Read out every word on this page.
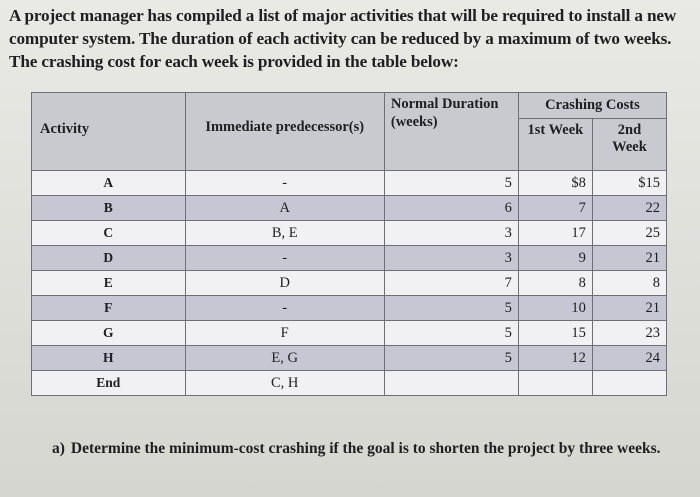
A project manager has compiled a list of major activities that will be required to install a new computer system. The duration of each activity can be reduced by a maximum of two weeks. The crashing cost for each week is provided in the table below:
Activity	Immediate predecessor(s)	Normal Duration (weeks)	Crashing Costs	
			1st Week	2nd Week
A	-	5	$8	$15
B	A	6	7	22
C	B, E	3	17	25
D	-	3	9	21
E	D	7	8	8
F	-	5	10	21
G	F	5	15	23
H	E, G	5	12	24
End	C, H			
a) Determine the minimum-cost crashing if the goal is to shorten the project by three weeks.
